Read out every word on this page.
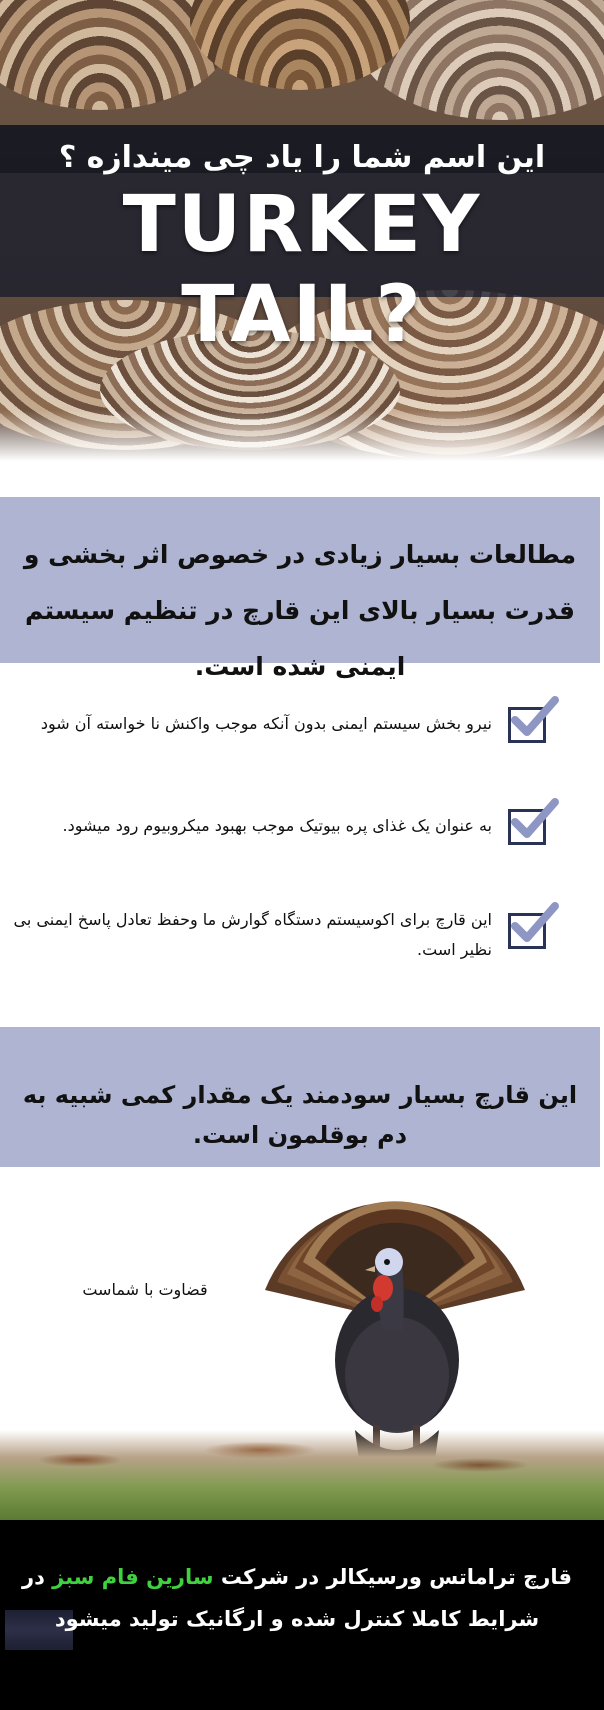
این اسم شما را یاد چی میندازه ؟
TURKEY TAIL?
مطالعات بسیار زیادی در خصوص اثر بخشی و قدرت بسیار بالای این قارچ در تنظیم سیستم ایمنی شده است.
نیرو بخش سیستم ایمنی بدون آنکه موجب واکنش نا خواسته آن شود
به عنوان یک غذای پره بیوتیک موجب بهبود میکروبیوم رود میشود.
این قارچ برای اکوسیستم دستگاه گوارش ما وحفظ تعادل پاسخ ایمنی بی نظیر است.
این قارچ بسیار سودمند یک مقدار کمی شبیه به دم بوقلمون است.
قضاوت با شماست
قارچ تراماتس ورسیکالر در شرکت سارین فام سبز در شرایط کاملا کنترل شده و ارگانیک تولید میشود
